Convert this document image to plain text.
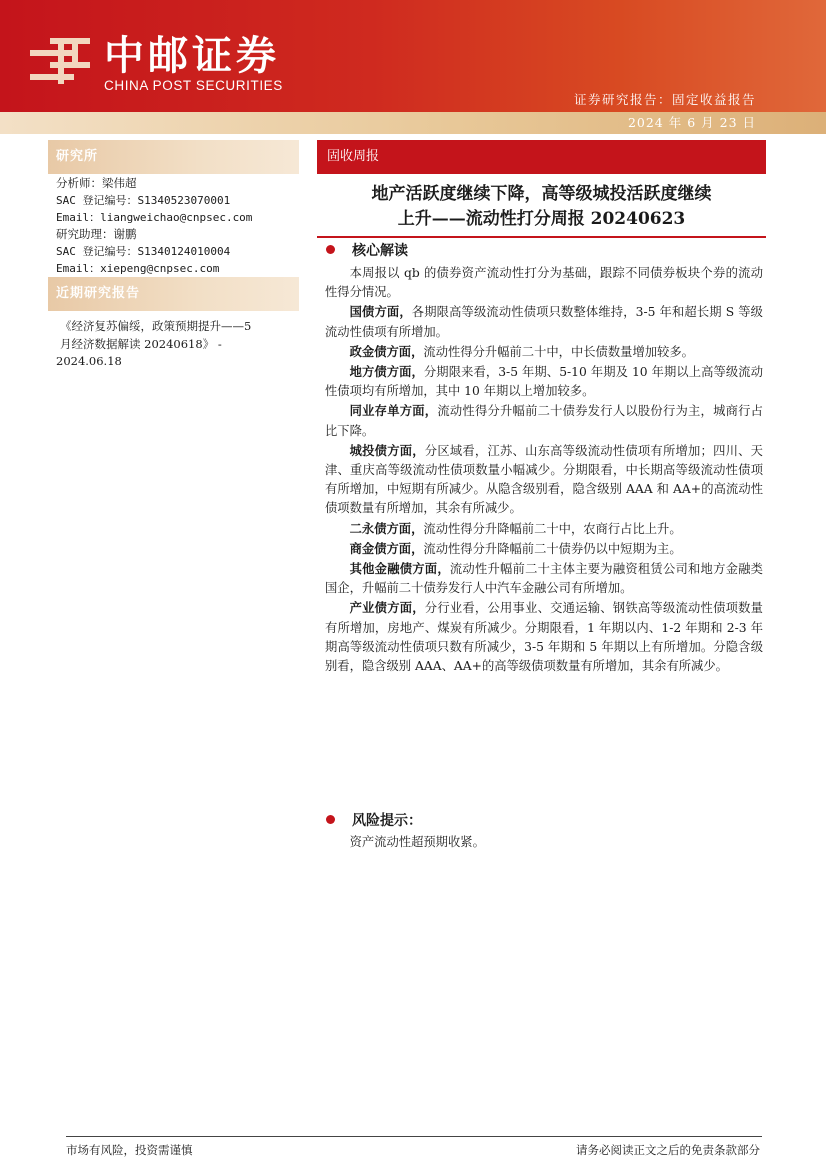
中邮证券
CHINA POST SECURITIES
证券研究报告：固定收益报告
2024 年 6 月 23 日
研究所
分析师：梁伟超
SAC 登记编号：S1340523070001
Email：liangweichao@cnpsec.com
研究助理：谢鹏
SAC 登记编号：S1340124010004
Email：xiepeng@cnpsec.com
近期研究报告
《经济复苏偏绥，政策预期提升——5
月经济数据解读 20240618》 -
2024.06.18
固收周报
地产活跃度继续下降，高等级城投活跃度继续
上升——流动性打分周报 20240623
核心解读

本周报以 qb 的债券资产流动性打分为基础，跟踪不同债券板块个券的流动性得分情况。

国债方面，各期限高等级流动性债项只数整体维持，3-5 年和超长期 S 等级流动性债项有所增加。

政金债方面，流动性得分升幅前二十中，中长债数量增加较多。

地方债方面，分期限来看，3-5 年期、5-10 年期及 10 年期以上高等级流动性债项均有所增加，其中 10 年期以上增加较多。

同业存单方面，流动性得分升幅前二十债券发行人以股份行为主，城商行占比下降。

城投债方面，分区域看，江苏、山东高等级流动性债项有所增加；四川、天津、重庆高等级流动性债项数量小幅减少。分期限看，中长期高等级流动性债项有所增加，中短期有所减少。从隐含级别看，隐含级别 AAA 和 AA+的高流动性债项数量有所增加，其余有所减少。

二永债方面，流动性得分升降幅前二十中，农商行占比上升。

商金债方面，流动性得分升降幅前二十债券仍以中短期为主。

其他金融债方面，流动性升幅前二十主体主要为融资租赁公司和地方金融类国企，升幅前二十债券发行人中汽车金融公司有所增加。

产业债方面，分行业看，公用事业、交通运输、钢铁高等级流动性债项数量有所增加，房地产、煤炭有所减少。分期限看，1 年期以内、1-2 年期和 2-3 年期高等级流动性债项只数有所减少，3-5 年期和 5 年期以上有所增加。分隐含级别看，隐含级别 AAA、AA+的高等级债项数量有所增加，其余有所减少。

风险提示：

资产流动性超预期收紧。

市场有风险，投资需谨慎	请务必阅读正文之后的免责条款部分
